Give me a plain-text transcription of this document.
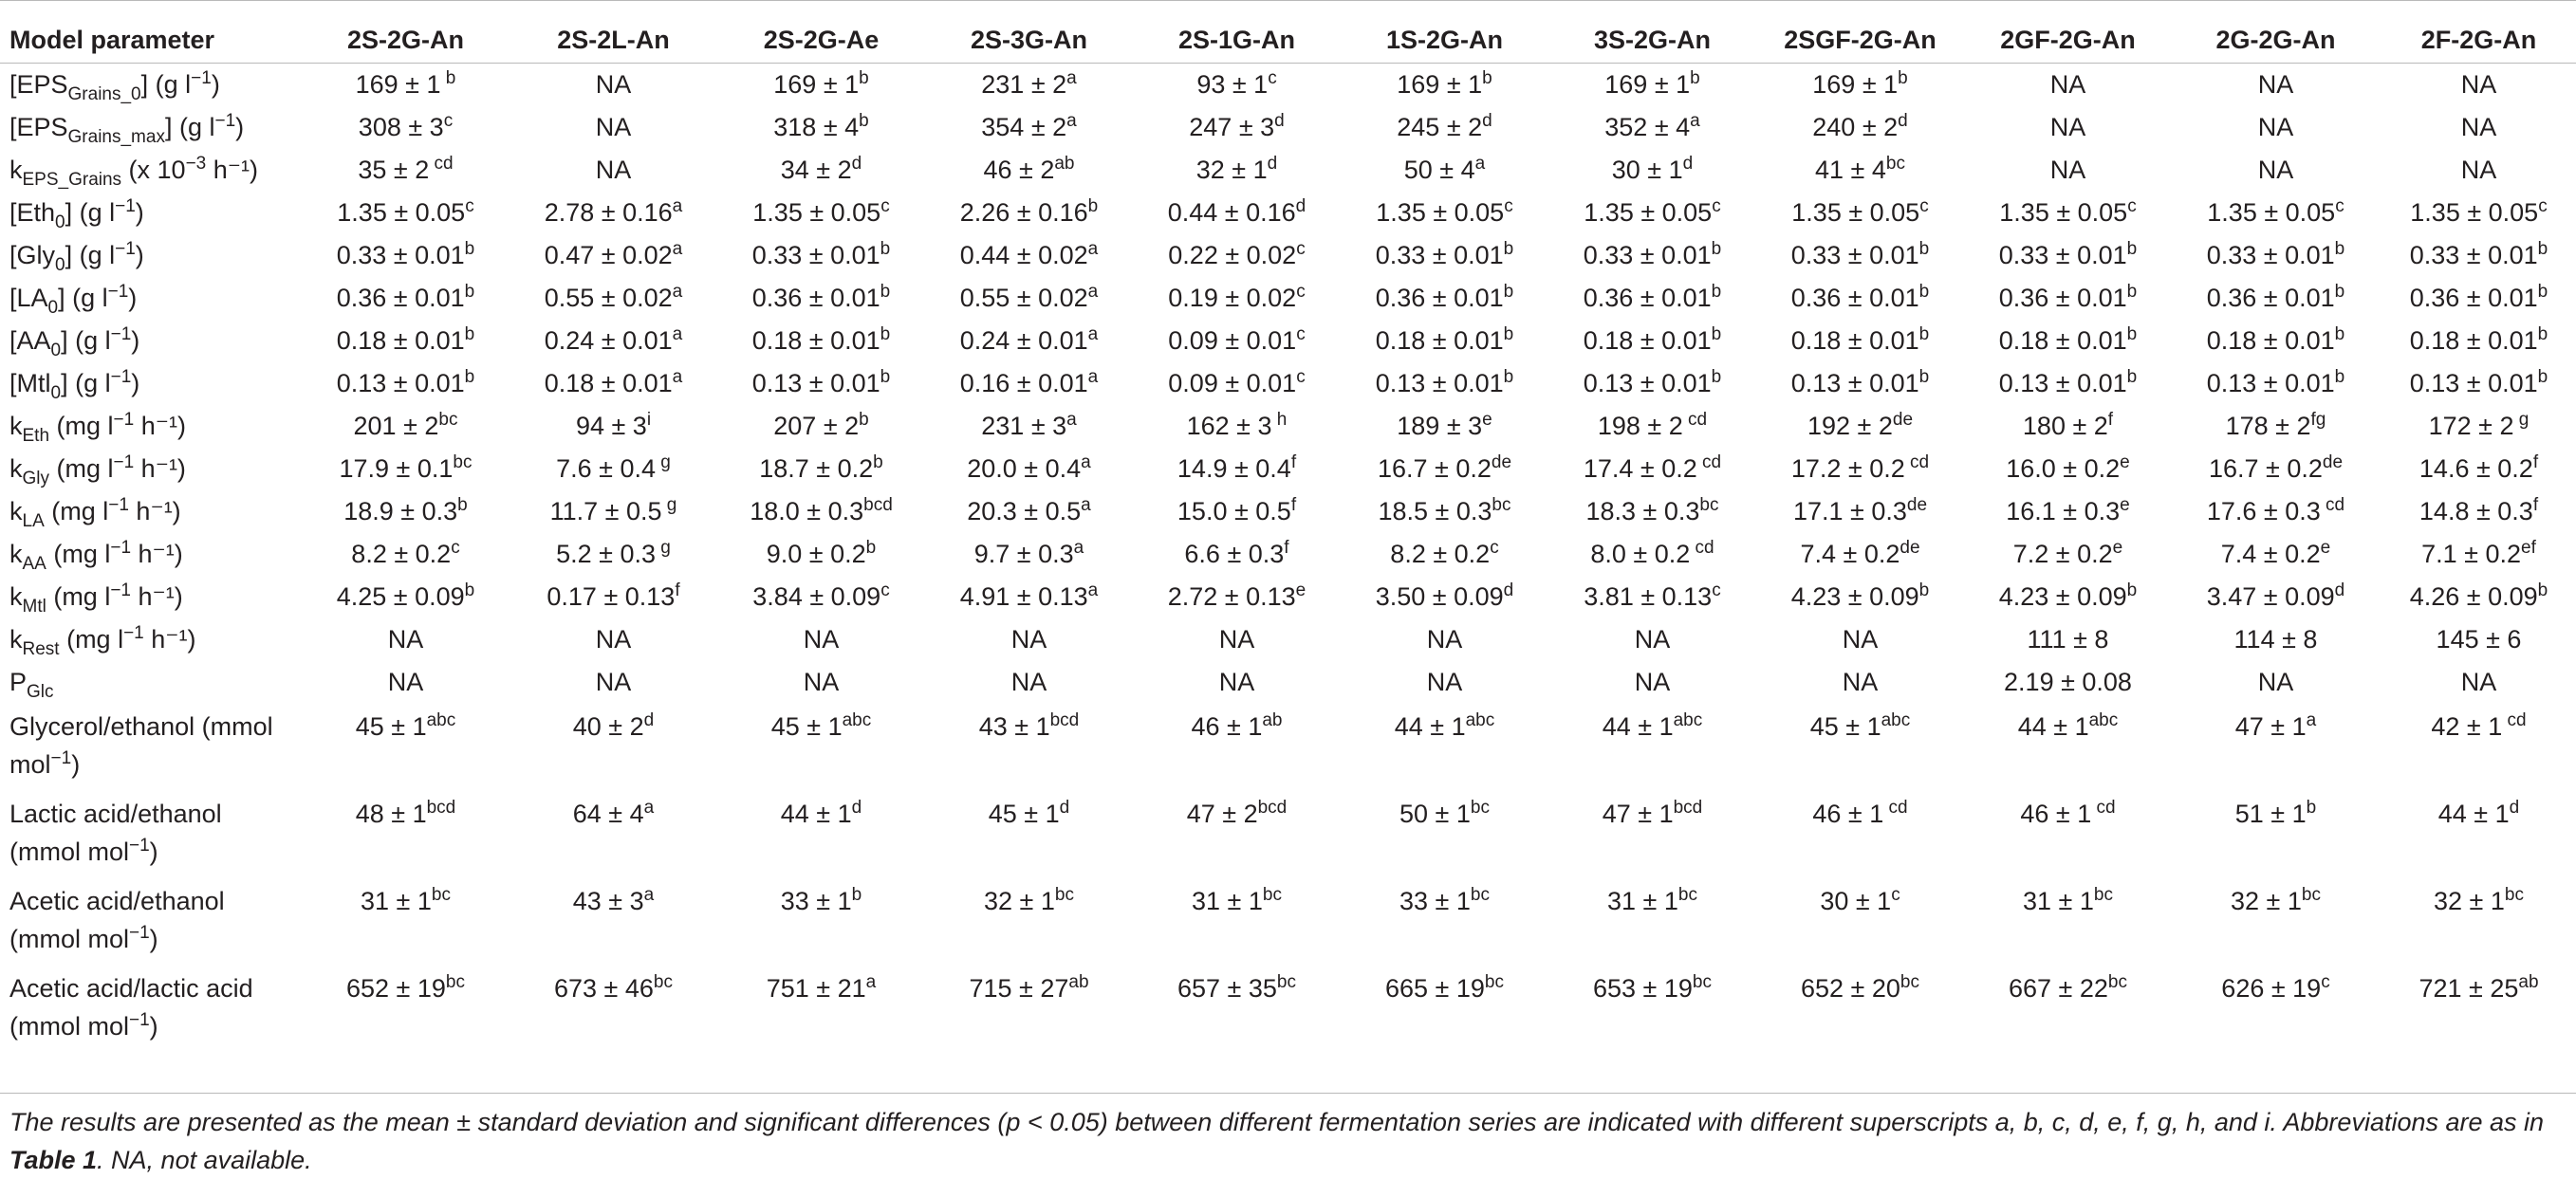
Model parameter	2S-2G-An	2S-2L-An	2S-2G-Ae	2S-3G-An	2S-1G-An	1S-2G-An	3S-2G-An	2SGF-2G-An	2GF-2G-An	2G-2G-An	2F-2G-An
$[EPS_{Grains\_0}]$ (g $l^{-1}$)	169 ± 1 $^b$	NA	$169 \pm 1^b$	$231 \pm 2^a$	$93 \pm 1^c$	$169 \pm 1^b$	$169 \pm 1^b$	$169 \pm 1^b$	NA	NA	NA
$[EPS_{Grains\_max}]$ (g $l^{-1}$)	$308 \pm 3^c$	NA	$318 \pm 4^b$	$354 \pm 2^a$	$247 \pm 3^d$	$245 \pm 2^d$	$352 \pm 4^a$	$240 \pm 2^d$	NA	NA	NA
$k_{EPS\_Grains}$ (x $10^{-3}$ h⁻¹)	35 ± 2 $^{cd}$	NA	$34 \pm 2^d$	$46 \pm 2^{ab}$	$32 \pm 1^d$	$50 \pm 4^a$	$30 \pm 1^d$	$41 \pm 4^{bc}$	NA	NA	NA
[Eth$_0$] (g $l^{-1}$)	1.35 ± 0.05$^c$	2.78 ± 0.16$^a$	1.35 ± 0.05$^c$	2.26 ± 0.16$^b$	0.44 ± 0.16$^d$	1.35 ± 0.05$^c$	1.35 ± 0.05$^c$	1.35 ± 0.05$^c$	1.35 ± 0.05$^c$	1.35 ± 0.05$^c$	1.35 ± 0.05$^c$
[Gly$_0$] (g $l^{-1}$)	0.33 ± 0.01$^b$	0.47 ± 0.02$^a$	0.33 ± 0.01$^b$	0.44 ± 0.02$^a$	0.22 ± 0.02$^c$	0.33 ± 0.01$^b$	0.33 ± 0.01$^b$	0.33 ± 0.01$^b$	0.33 ± 0.01$^b$	0.33 ± 0.01$^b$	0.33 ± 0.01$^b$
$[LA_0]$ (g $l^{-1}$)	0.36 ± 0.01$^b$	0.55 ± 0.02$^a$	0.36 ± 0.01$^b$	0.55 ± 0.02$^a$	0.19 ± 0.02$^c$	0.36 ± 0.01$^b$	0.36 ± 0.01$^b$	0.36 ± 0.01$^b$	0.36 ± 0.01$^b$	0.36 ± 0.01$^b$	0.36 ± 0.01$^b$
$[AA_0]$ (g $l^{-1}$)	0.18 ± 0.01$^b$	0.24 ± 0.01$^a$	0.18 ± 0.01$^b$	0.24 ± 0.01$^a$	0.09 ± 0.01$^c$	0.18 ± 0.01$^b$	0.18 ± 0.01$^b$	0.18 ± 0.01$^b$	0.18 ± 0.01$^b$	0.18 ± 0.01$^b$	0.18 ± 0.01$^b$
[Mtl$_0$] (g $l^{-1}$)	0.13 ± 0.01$^b$	0.18 ± 0.01$^a$	0.13 ± 0.01$^b$	0.16 ± 0.01$^a$	0.09 ± 0.01$^c$	0.13 ± 0.01$^b$	0.13 ± 0.01$^b$	0.13 ± 0.01$^b$	0.13 ± 0.01$^b$	0.13 ± 0.01$^b$	0.13 ± 0.01$^b$
$k_{Eth}$ (mg $l^{-1}$ h⁻¹)	$201 \pm 2^{bc}$	$94 \pm 3^i$	$207 \pm 2^b$	$231 \pm 3^a$	162 ± 3 $^h$	$189 \pm 3^e$	198 ± 2 $^{cd}$	192 ± 2de	$180 \pm 2^f$	$178 \pm 2^{fg}$	172 ± 2 $^g$
$k_{Gly}$ (mg $l^{-1}$ h⁻¹)	17.9 ± 0.1$^{bc}$	7.6 ± 0.4 $^g$	18.7 ± 0.2$^b$	20.0 ± 0.4$^a$	14.9 ± 0.4$^f$	16.7 ± 0.2de	17.4 ± 0.2 $^{cd}$	17.2 ± 0.2 $^{cd}$	16.0 ± 0.2$^e$	16.7 ± 0.2de	14.6 ± 0.2$^f$
$k_{LA}$ (mg $l^{-1}$ h⁻¹)	18.9 ± 0.3$^b$	11.7 ± 0.5 $^g$	18.0 ± 0.3$^{bcd}$	20.3 ± 0.5$^a$	15.0 ± 0.5$^f$	18.5 ± 0.3$^{bc}$	18.3 ± 0.3$^{bc}$	17.1 ± 0.3de	16.1 ± 0.3$^e$	17.6 ± 0.3 $^{cd}$	14.8 ± 0.3$^f$
$k_{AA}$ (mg $l^{-1}$ h⁻¹)	8.2 ± 0.2$^c$	5.2 ± 0.3 $^g$	9.0 ± 0.2$^b$	9.7 ± 0.3$^a$	6.6 ± 0.3$^f$	8.2 ± 0.2$^c$	8.0 ± 0.2 $^{cd}$	7.4 ± 0.2de	7.2 ± 0.2$^e$	7.4 ± 0.2$^e$	7.1 ± 0.2$^{ef}$
$k_{Mtl}$ (mg $l^{-1}$ h⁻¹)	4.25 ± 0.09$^b$	0.17 ± 0.13$^f$	3.84 ± 0.09$^c$	4.91 ± 0.13$^a$	2.72 ± 0.13$^e$	3.50 ± 0.09$^d$	3.81 ± 0.13$^c$	4.23 ± 0.09$^b$	4.23 ± 0.09$^b$	3.47 ± 0.09$^d$	4.26 ± 0.09$^b$
$k_{Rest}$ (mg $l^{-1}$ h⁻¹)	NA	NA	NA	NA	NA	NA	NA	NA	111 ± 8	114 ± 8	145 ± 6
$P_{Glc}$	NA	NA	NA	NA	NA	NA	NA	NA	2.19 ± 0.08	NA	NA
Glycerol/ethanol (mmol
mol$^{-1}$)	$45 \pm 1^{abc}$	$40 \pm 2^d$	$45 \pm 1^{abc}$	$43 \pm 1^{bcd}$	$46 \pm 1^{ab}$	$44 \pm 1^{abc}$	$44 \pm 1^{abc}$	$45 \pm 1^{abc}$	$44 \pm 1^{abc}$	$47 \pm 1^a$	42 ± 1 $^{cd}$
Lactic acid/ethanol
(mmol mol$^{-1}$)	$48 \pm 1^{bcd}$	$64 \pm 4^a$	$44 \pm 1^d$	$45 \pm 1^d$	$47 \pm 2^{bcd}$	$50 \pm 1^{bc}$	$47 \pm 1^{bcd}$	46 ± 1 $^{cd}$	46 ± 1 $^{cd}$	$51 \pm 1^b$	$44 \pm 1^d$
Acetic acid/ethanol
(mmol mol$^{-1}$)	$31 \pm 1^{bc}$	$43 \pm 3^a$	$33 \pm 1^b$	$32 \pm 1^{bc}$	$31 \pm 1^{bc}$	$33 \pm 1^{bc}$	$31 \pm 1^{bc}$	$30 \pm 1^c$	$31 \pm 1^{bc}$	$32 \pm 1^{bc}$	$32 \pm 1^{bc}$
Acetic acid/lactic acid
(mmol mol$^{-1}$)	$652 \pm 19^{bc}$	$673 \pm 46^{bc}$	$751 \pm 21^a$	$715 \pm 27^{ab}$	$657 \pm 35^{bc}$	$665 \pm 19^{bc}$	$653 \pm 19^{bc}$	$652 \pm 20^{bc}$	$667 \pm 22^{bc}$	$626 \pm 19^c$	$721 \pm 25^{ab}$
The results are presented as the mean ± standard deviation and significant differences (p < 0.05) between different fermentation series are indicated with different superscripts a, b, c, d, e, f, g, h, and i. Abbreviations are as in Table 1. NA, not available.
